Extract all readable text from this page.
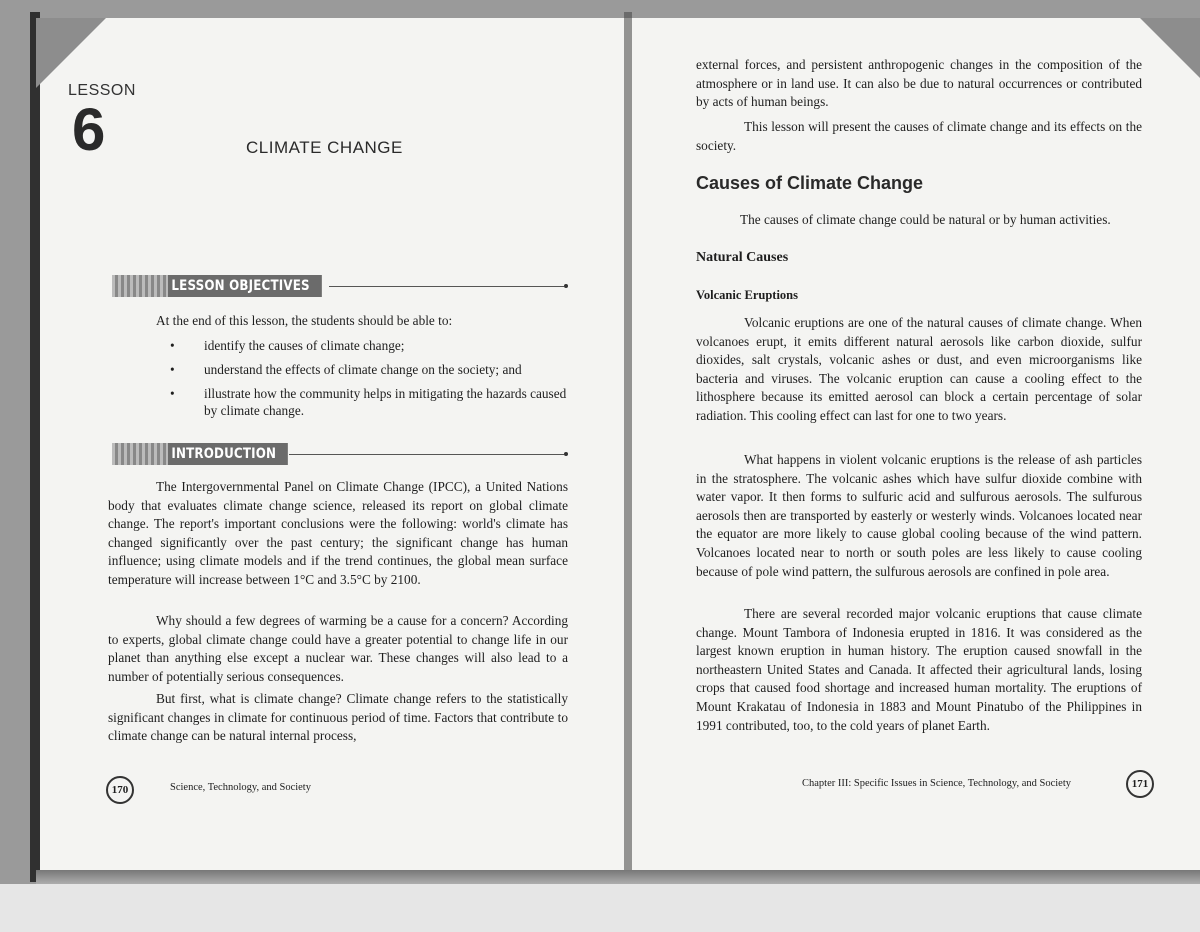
LESSON
6	CLIMATE CHANGE
LESSON OBJECTIVES
At the end of this lesson, the students should be able to:
• identify the causes of climate change;
• understand the effects of climate change on the society; and
• illustrate how the community helps in mitigating the hazards caused by climate change.
INTRODUCTION
The Intergovernmental Panel on Climate Change (IPCC), a United Nations body that evaluates climate change science, released its report on global climate change. The report's important conclusions were the following: world's climate has changed significantly over the past century; the significant change has human influence; using climate models and if the trend continues, the global mean surface temperature will increase between 1°C and 3.5°C by 2100.
Why should a few degrees of warming be a cause for a concern? According to experts, global climate change could have a greater potential to change life in our planet than anything else except a nuclear war. These changes will also lead to a number of potentially serious consequences.
But first, what is climate change? Climate change refers to the statistically significant changes in climate for continuous period of time. Factors that contribute to climate change can be natural internal process,
170	Science, Technology, and Society
external forces, and persistent anthropogenic changes in the composition of the atmosphere or in land use. It can also be due to natural occurrences or contributed by acts of human beings.
This lesson will present the causes of climate change and its effects on the society.
Causes of Climate Change
The causes of climate change could be natural or by human activities.
Natural Causes
Volcanic Eruptions
Volcanic eruptions are one of the natural causes of climate change. When volcanoes erupt, it emits different natural aerosols like carbon dioxide, sulfur dioxides, salt crystals, volcanic ashes or dust, and even microorganisms like bacteria and viruses. The volcanic eruption can cause a cooling effect to the lithosphere because its emitted aerosol can block a certain percentage of solar radiation. This cooling effect can last for one to two years.
What happens in violent volcanic eruptions is the release of ash particles in the stratosphere. The volcanic ashes which have sulfur dioxide combine with water vapor. It then forms to sulfuric acid and sulfurous aerosols. The sulfurous aerosols then are transported by easterly or westerly winds. Volcanoes located near the equator are more likely to cause global cooling because of the wind pattern. Volcanoes located near to north or south poles are less likely to cause cooling because of pole wind pattern, the sulfurous aerosols are confined in pole area.
There are several recorded major volcanic eruptions that cause climate change. Mount Tambora of Indonesia erupted in 1816. It was considered as the largest known eruption in human history. The eruption caused snowfall in the northeastern United States and Canada. It affected their agricultural lands, losing crops that caused food shortage and increased human mortality. The eruptions of Mount Krakatau of Indonesia in 1883 and Mount Pinatubo of the Philippines in 1991 contributed, too, to the cold years of planet Earth.
Chapter III: Specific Issues in Science, Technology, and Society	171
